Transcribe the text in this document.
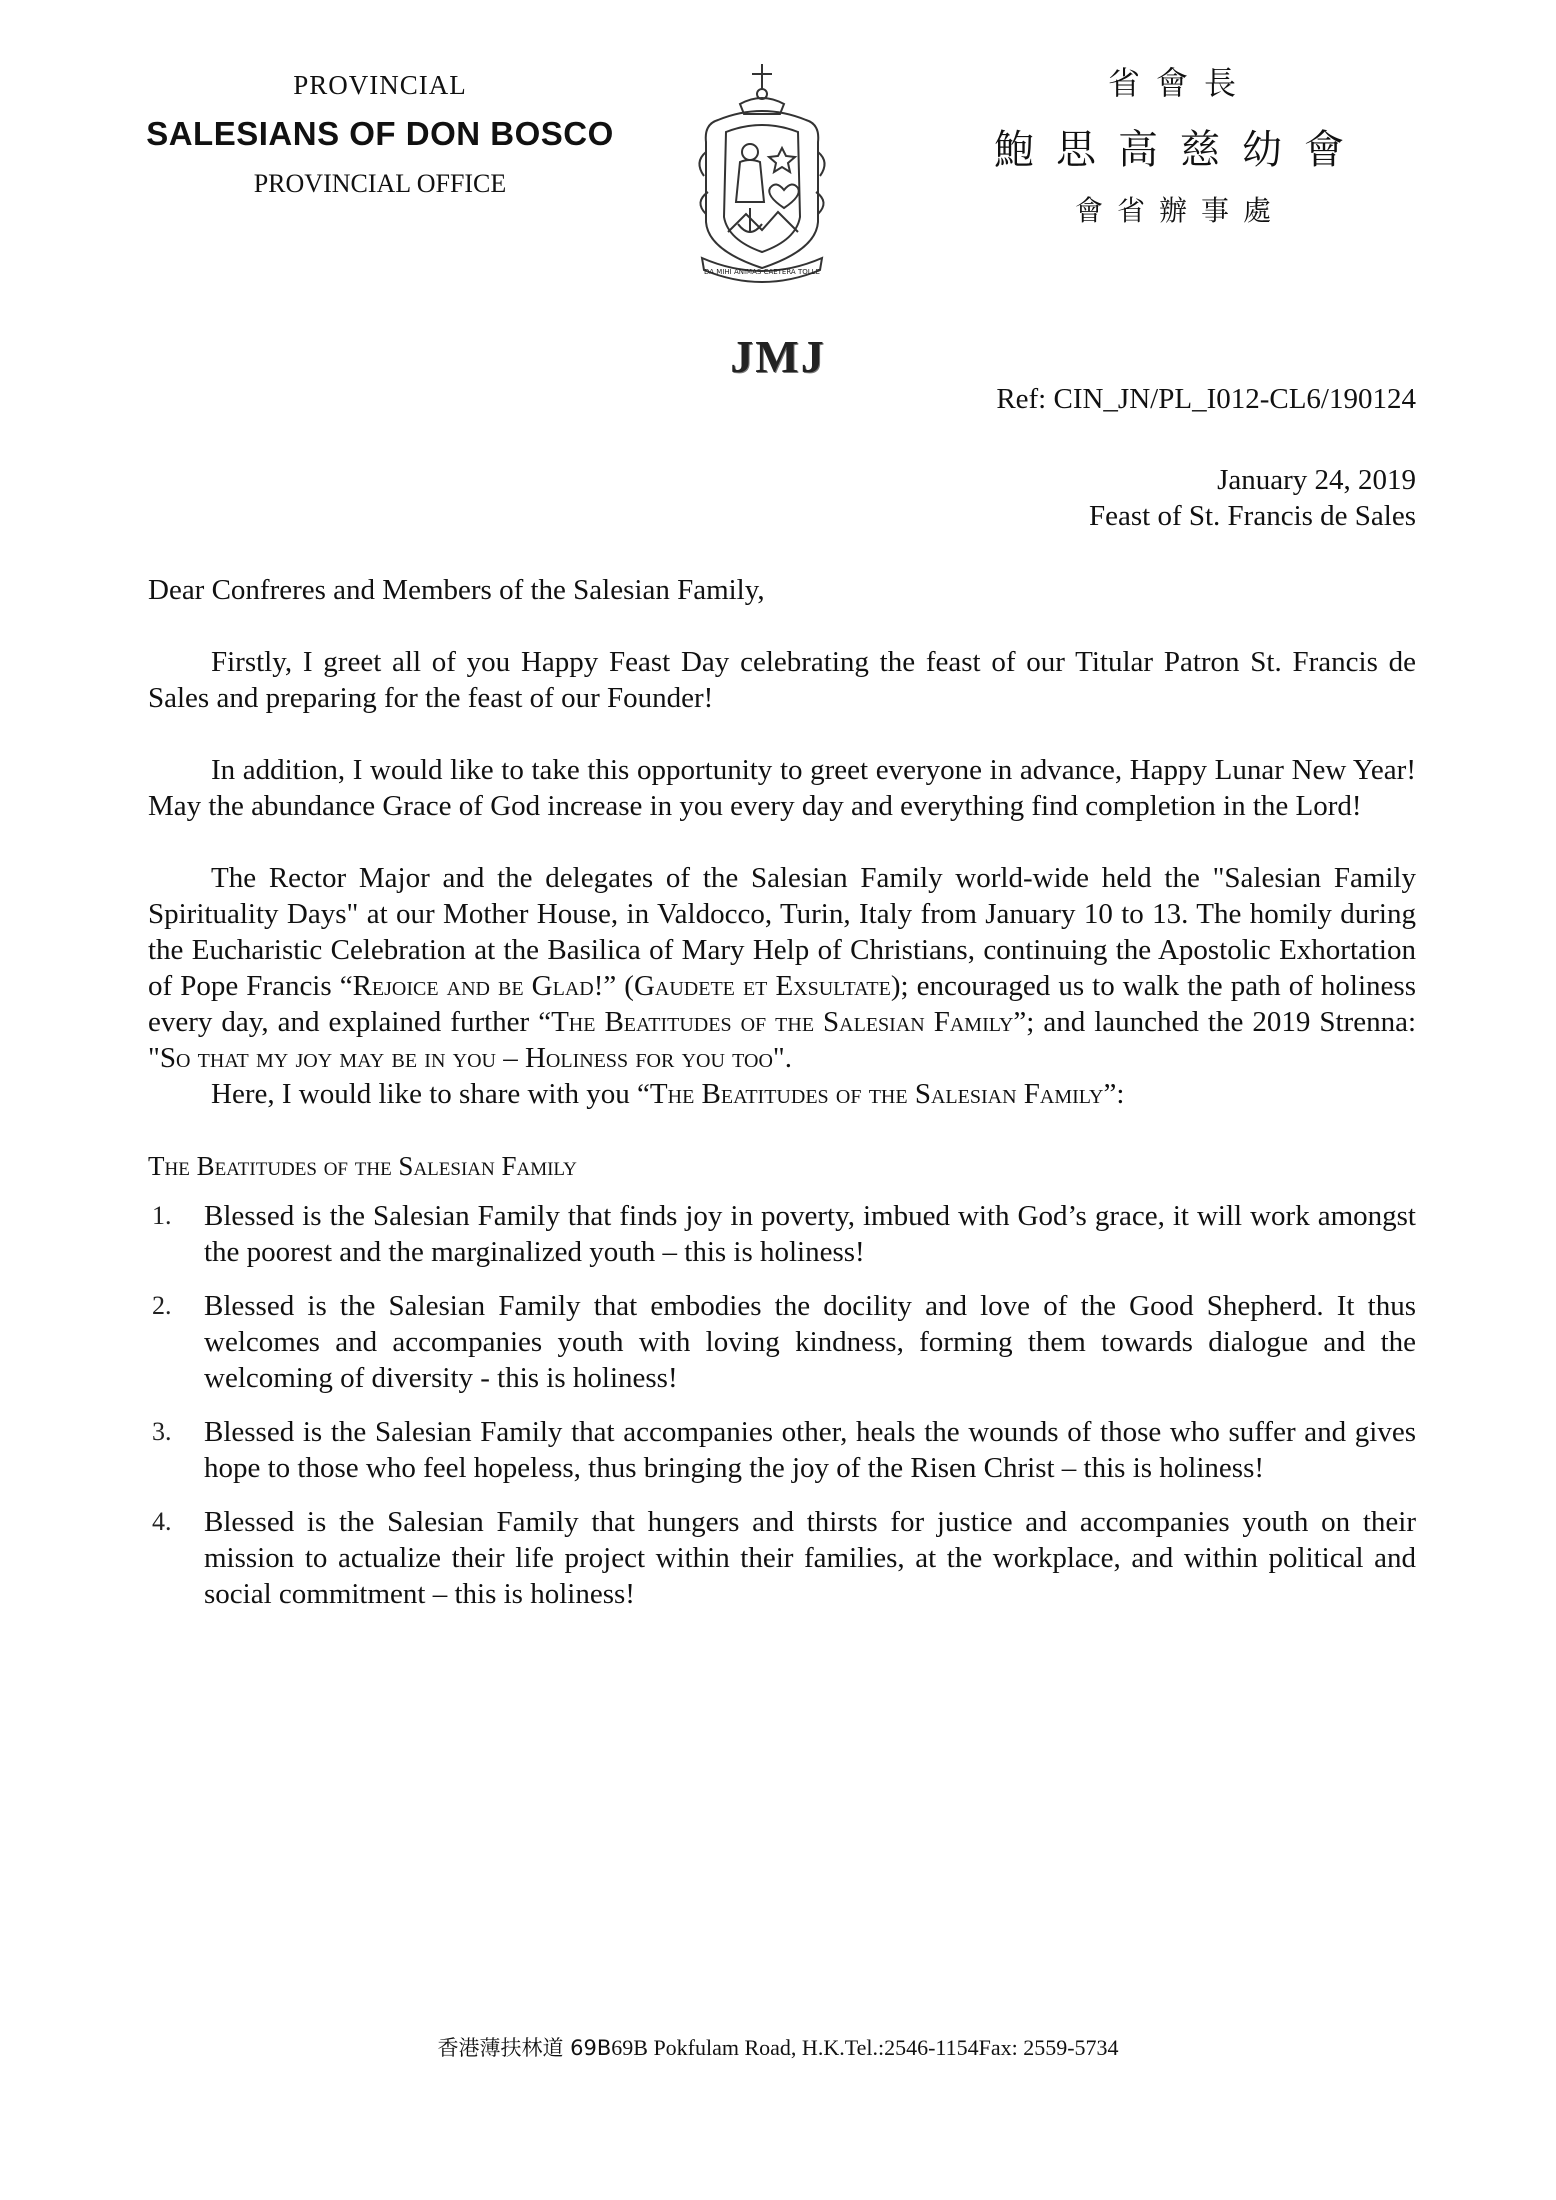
PROVINCIAL
SALESIANS OF DON BOSCO
PROVINCIAL OFFICE
DA MIHI ANIMAS CAETERA TOLLE
省會長
鮑思高慈幼會
會省辦事處
JMJ
Ref: CIN_JN/PL_I012-CL6/190124
January 24, 2019
Feast of St. Francis de Sales

Dear Confreres and Members of the Salesian Family,

Firstly, I greet all of you Happy Feast Day celebrating the feast of our Titular Patron St. Francis de Sales and preparing for the feast of our Founder!

In addition, I would like to take this opportunity to greet everyone in advance, Happy Lunar New Year! May the abundance Grace of God increase in you every day and everything find completion in the Lord!

The Rector Major and the delegates of the Salesian Family world-wide held the "Salesian Family Spirituality Days" at our Mother House, in Valdocco, Turin, Italy from January 10 to 13. The homily during the Eucharistic Celebration at the Basilica of Mary Help of Christians, continuing the Apostolic Exhortation of Pope Francis “Rejoice and be Glad!” (Gaudete et Exsultate); encouraged us to walk the path of holiness every day, and explained further “The Beatitudes of the Salesian Family”; and launched the 2019 Strenna: "So that my joy may be in you – Holiness for you too".

Here, I would like to share with you “The Beatitudes of the Salesian Family”:

The Beatitudes of the Salesian Family

1. Blessed is the Salesian Family that finds joy in poverty, imbued with God’s grace, it will work amongst the poorest and the marginalized youth – this is holiness!
2. Blessed is the Salesian Family that embodies the docility and love of the Good Shepherd. It thus welcomes and accompanies youth with loving kindness, forming them towards dialogue and the welcoming of diversity - this is holiness!
3. Blessed is the Salesian Family that accompanies other, heals the wounds of those who suffer and gives hope to those who feel hopeless, thus bringing the joy of the Risen Christ – this is holiness!
4. Blessed is the Salesian Family that hungers and thirsts for justice and accompanies youth on their mission to actualize their life project within their families, at the workplace, and within political and social commitment – this is holiness!
香港薄扶林道 69B69B Pokfulam Road, H.K.Tel.:2546-1154Fax: 2559-5734
